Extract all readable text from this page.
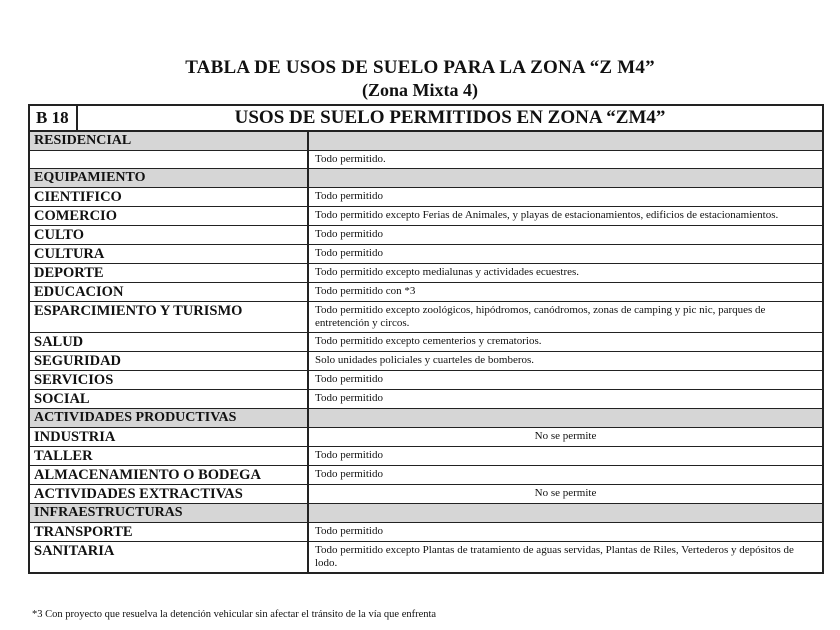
TABLA DE USOS DE SUELO PARA LA ZONA “Z M4”
(Zona Mixta 4)
B 18	USOS DE SUELO PERMITIDOS EN ZONA “ZM4”
RESIDENCIAL
Todo permitido.
EQUIPAMIENTO
CIENTIFICO	Todo permitido
COMERCIO	Todo permitido excepto Ferias de Animales, y playas de estacionamientos, edificios de estacionamientos.
CULTO	Todo permitido
CULTURA	Todo permitido
DEPORTE	Todo permitido excepto medialunas y actividades ecuestres.
EDUCACION	Todo permitido con *3
ESPARCIMIENTO Y TURISMO	Todo permitido excepto zoológicos, hipódromos, canódromos, zonas de camping y pic nic, parques de entretención y circos.
SALUD	Todo permitido excepto cementerios y crematorios.
SEGURIDAD	Solo unidades policiales y cuarteles de bomberos.
SERVICIOS	Todo permitido
SOCIAL	Todo permitido
ACTIVIDADES PRODUCTIVAS
INDUSTRIA	No se permite
TALLER	Todo permitido
ALMACENAMIENTO O BODEGA	Todo permitido
ACTIVIDADES EXTRACTIVAS	No se permite
INFRAESTRUCTURAS
TRANSPORTE	Todo permitido
SANITARIA	Todo permitido excepto Plantas de tratamiento de aguas servidas, Plantas de Riles, Vertederos y depósitos de lodo.
*3 Con proyecto que resuelva la detención vehicular sin afectar el tránsito de la vía que enfrenta
